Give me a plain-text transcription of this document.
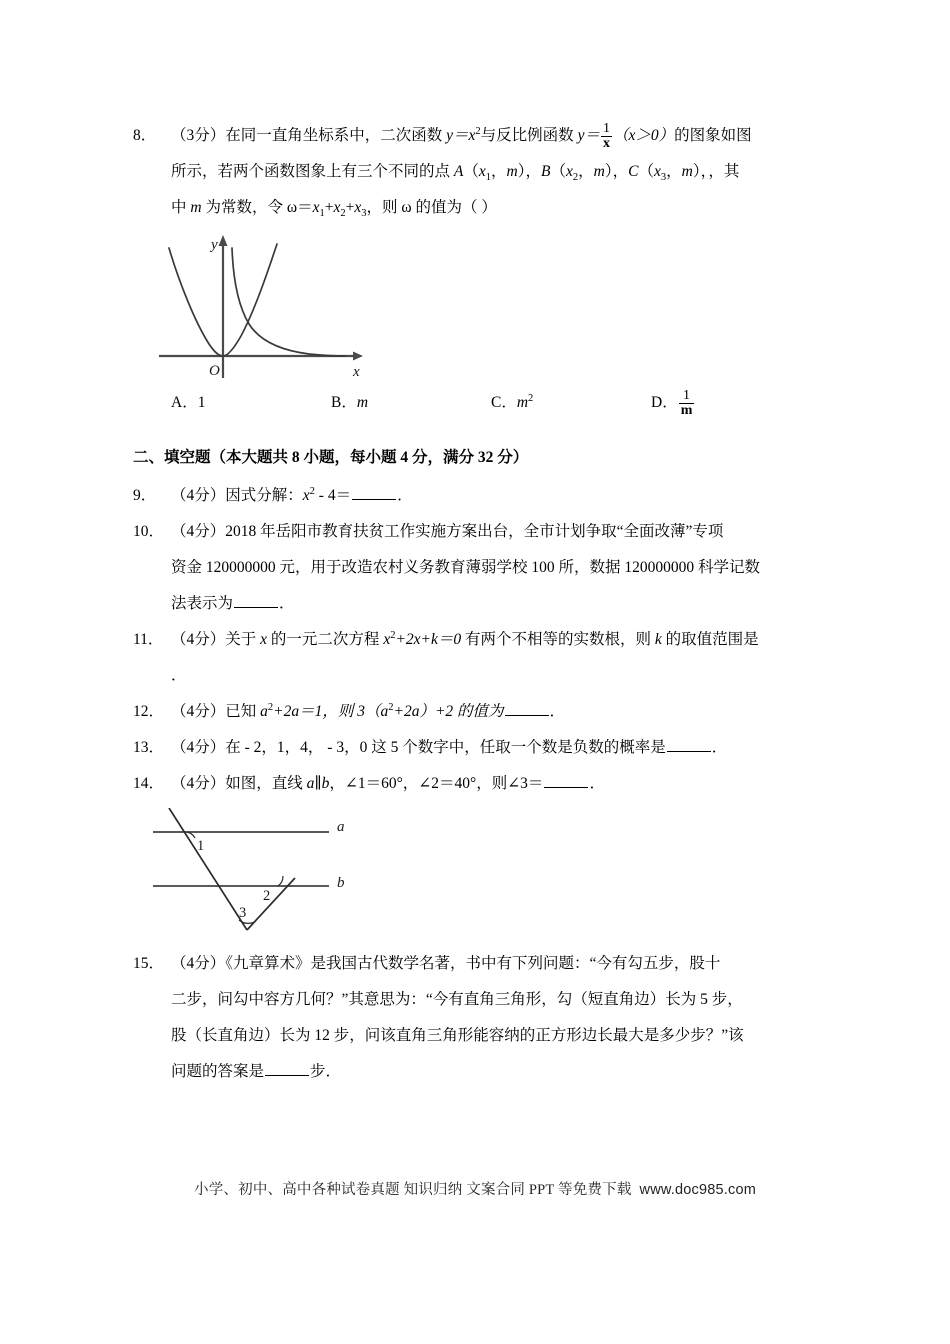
8． （3分）在同一直角坐标系中，二次函数 $y=x^2$与反比例函数 $y= \frac{1}{x} (x>0)$的图象如图
所示，若两个函数图象上有三个不同的点 $A(x_1$，m），$B(x_2$，m），$C(x_3$，m），，其
中 m 为常数，令 $\omega=x_1+x_2+x_3$，则 ω 的值为（ ）
O	x
y
A．1	B．m	C．$m^2$	D． $\frac{1}{m}$
二、填空题（本大题共 8 小题，每小题 4 分，满分 32 分）
9． （4分）因式分解：$x^2 - 4=$	．
10． （4分）2018 年岳阳市教育扶贫工作实施方案出台，全市计划争取“全面改薄”专项
资金 120000000 元，用于改造农村义务教育薄弱学校 100 所，数据 120000000 科学记数
法表示为	．
11． （4分）关于 x 的一元二次方程 $x^2+2x+k=0$ 有两个不相等的实数根，则 k 的取值范围是
．
12． （4分）已知 $a^2+2a=1$，则 $3(a^2+2a)+2$ 的值为	．
13． （4分）在 - 2，1，4， - 3，0 这 5 个数字中，任取一个数是负数的概率是	．
14． （4分）如图，直线 a∥b，∠1＝60°，∠2＝40°，则∠3＝	．
a
b
1
2
3
15． （4分）《九章算术》是我国古代数学名著，书中有下列问题：“今有勾五步，股十
二步，问勾中容方几何？”其意思为：“今有直角三角形，勾（短直角边）长为 5 步，
股（长直角边）长为 12 步，问该直角三角形能容纳的正方形边长最大是多少步？”该
问题的答案是	步．
小学、初中、高中各种试卷真题 知识归纳 文案合同 PPT 等免费下载 www.doc985.com
